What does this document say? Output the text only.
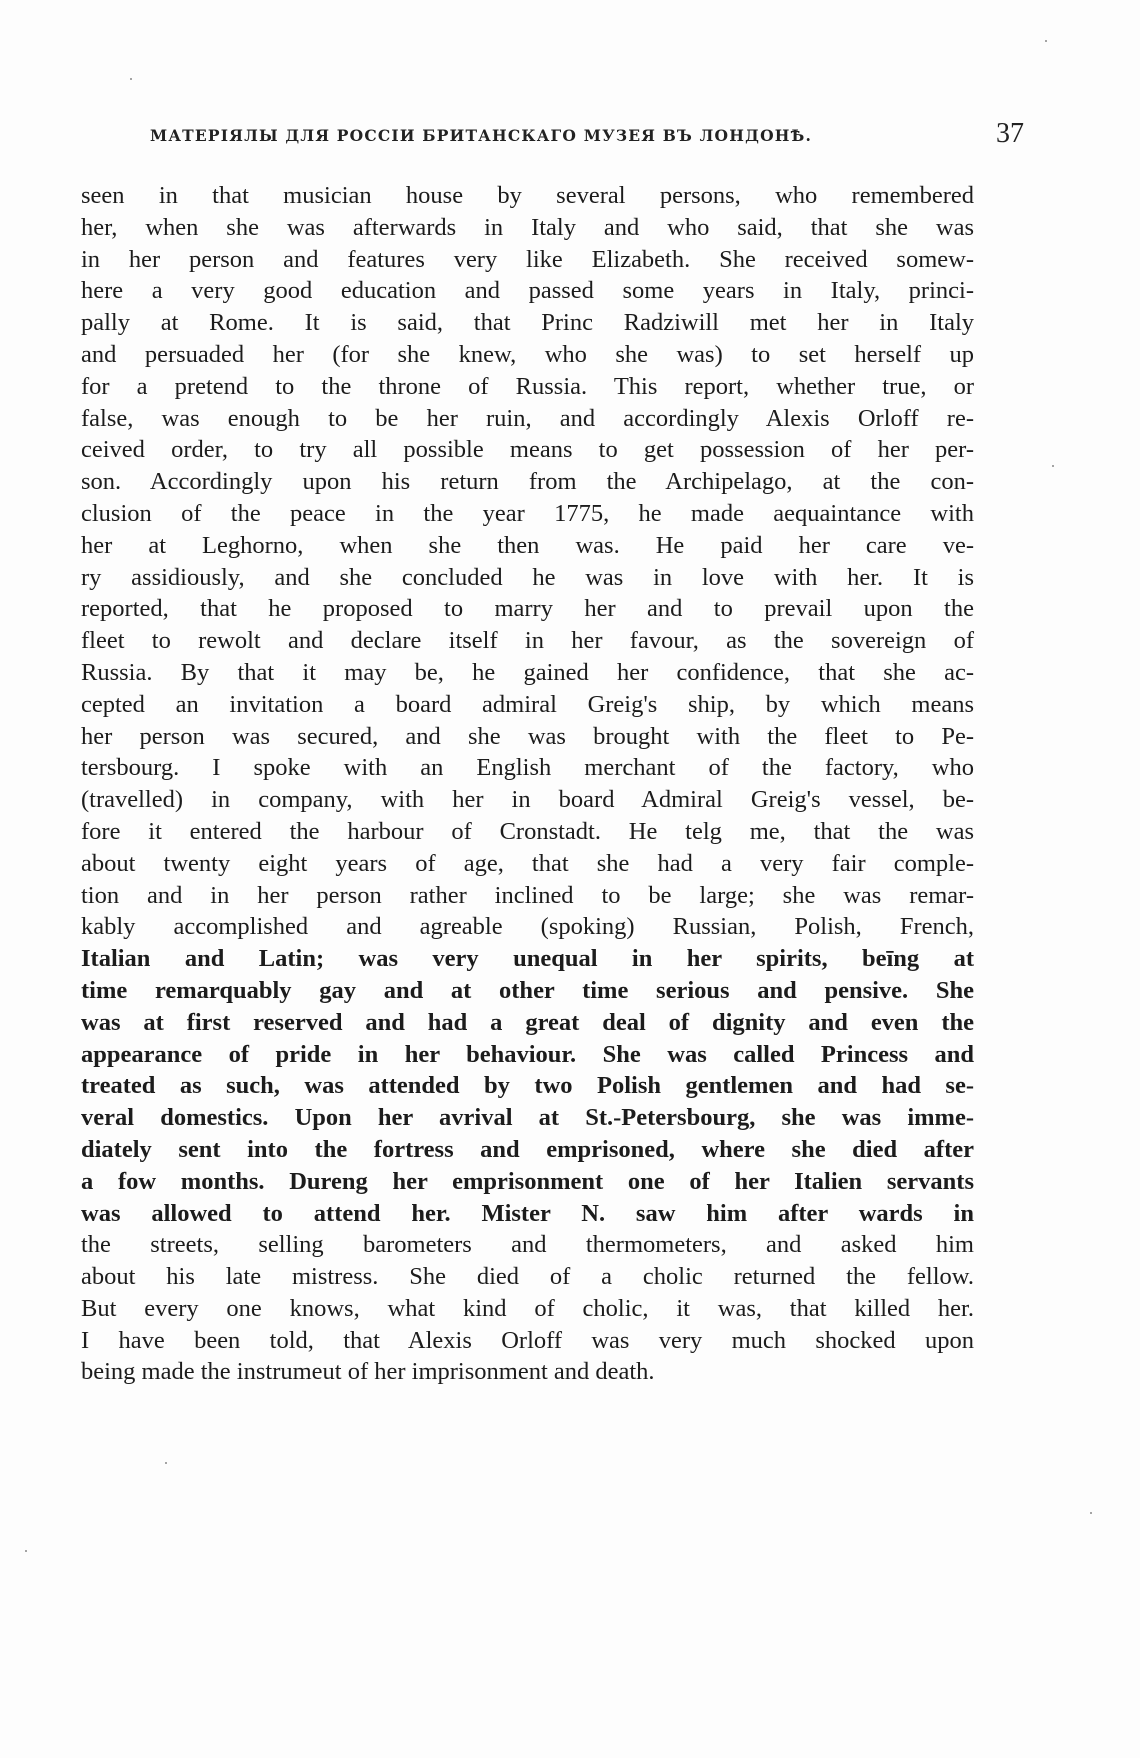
МАТЕРІЯЛЫ ДЛЯ РОССІИ БРИТАНСКАГО МУЗЕЯ ВЪ ЛОНДОНѢ.	37
seen in that musician house by several persons, who remembered
her, when she was afterwards in Italy and who said, that she was
in her person and features very like Elizabeth. She received somew-
here a very good education and passed some years in Italy, princi-
pally at Rome. It is said, that Princ Radziwill met her in Italy
and persuaded her (for she knew, who she was) to set herself up
for a pretend to the throne of Russia. This report, whether true, or
false, was enough to be her ruin, and accordingly Alexis Orloff re-
ceived order, to try all possible means to get possession of her per-
son. Accordingly upon his return from the Archipelago, at the con-
clusion of the peace in the year 1775, he made aequaintance with
her at Leghorno, when she then was. He paid her care ve-
ry assidiously, and she concluded he was in love with her. It is
reported, that he proposed to marry her and to prevail upon the
fleet to rewolt and declare itself in her favour, as the sovereign of
Russia. By that it may be, he gained her confidence, that she ac-
cepted an invitation a board admiral Greig's ship, by which means
her person was secured, and she was brought with the fleet to Pe-
tersbourg. I spoke with an English merchant of the factory, who
(travelled) in company, with her in board Admiral Greig's vessel, be-
fore it entered the harbour of Cronstadt. He telg me, that the was
about twenty eight years of age, that she had a very fair comple-
tion and in her person rather inclined to be large; she was remar-
kably accomplished and agreable (spoking) Russian, Polish, French,
Italian and Latin; was very unequal in her spirits, beīng at
time remarquably gay and at other time serious and pensive. She
was at first reserved and had a great deal of dignity and even the
appearance of pride in her behaviour. She was called Princess and
treated as such, was attended by two Polish gentlemen and had se-
veral domestics. Upon her avrival at St.-Petersbourg, she was imme-
diately sent into the fortress and emprisoned, where she died after
a fow months. Dureng her emprisonment one of her Italien servants
was allowed to attend her. Mister N. saw him after wards in
the streets, selling barometers and thermometers, and asked him
about his late mistress. She died of a cholic returned the fellow.
But every one knows, what kind of cholic, it was, that killed her.
I have been told, that Alexis Orloff was very much shocked upon
being made the instrumeut of her imprisonment and death.
